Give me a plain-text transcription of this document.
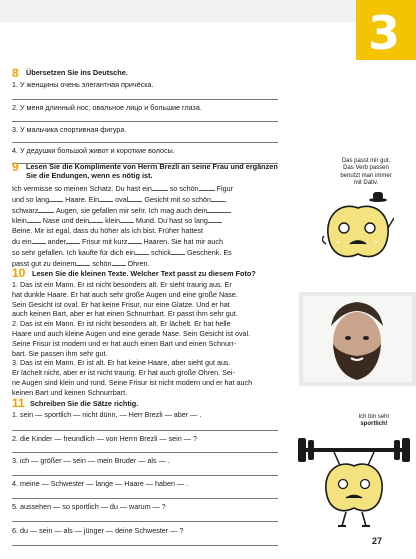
3
8 Übersetzen Sie ins Deutsche.
1. У женщины очень элегантная причёска.
2. У меня длинный нос, овальное лицо и большие глаза.
3. У мальчика спортивная фигура.
4. У дедушки большой живот и короткие волосы.
9 Lesen Sie die Komplimente von Herrn Brezli an seine Frau und ergänzen
Sie die Endungen, wenn es nötig ist.
Ich vermisse so meinen Schatz. Du hast ein so schön Figur
und so lang Haare. Ein oval Gesicht mit so schön ,
schwarz Augen, sie gefallen mir sehr. Ich mag auch dein
klein Nase und dein klein Mund. Du hast so lang
Beine. Mir ist egal, dass du höher als ich bist. Früher hattest
du ein ander Frisur mit kurz Haaren. Sie hat mir auch
so sehr gefallen. Ich kaufte für dich ein schick Geschenk. Es
passt gut zu deinem schön Ohren.
10 Lesen Sie die kleinen Texte. Welcher Text passt zu diesem Foto?
1. Das ist ein Mann. Er ist nicht besonders alt. Er sieht traurig aus. Er
hat dunkle Haare. Er hat auch sehr große Augen und eine große Nase.
Sein Gesicht ist oval. Er hat keine Frisur, nur eine Glatze. Und er hat
auch keinen Bart, aber er hat einen Schnurrbart. Er passt ihm sehr gut.
2. Das ist ein Mann. Er ist nicht besonders alt. Er lächelt. Er hat helle
Haare und auch kleine Augen und eine gerade Nase. Sein Gesicht ist oval.
Seine Frisur ist modern und er hat auch einen Bart und einen Schnurr-
bart. Sie passen ihm sehr gut.
3. Das ist ein Mann. Er ist alt. Er hat keine Haare, aber sieht gut aus.
Er lächelt nicht, aber er ist nicht traurig. Er hat auch große Ohren. Sei-
ne Augen sind klein und rund. Seine Frisur ist nicht modern und er hat auch
keinen Bart und keinen Schnurrbart.
11 Schreiben Sie die Sätze richtig.
1. sein — sportlich — nicht dünn, — Herr Brezli — aber — .
2. die Kinder — freundlich — von Herrn Brezli — sein — ?
3. ich — größer — sein — mein Bruder — als — .
4. meine — Schwester — lange — Haare — haben — .
5. aussehen — so sportlich — du — warum — ?
6. du — sein — als — jünger — deine Schwester — ?
Das passt mir gut.
Das Verb passen
benutzt man immer
mit Dativ.
Ich bin sehr
sportlich!
27
